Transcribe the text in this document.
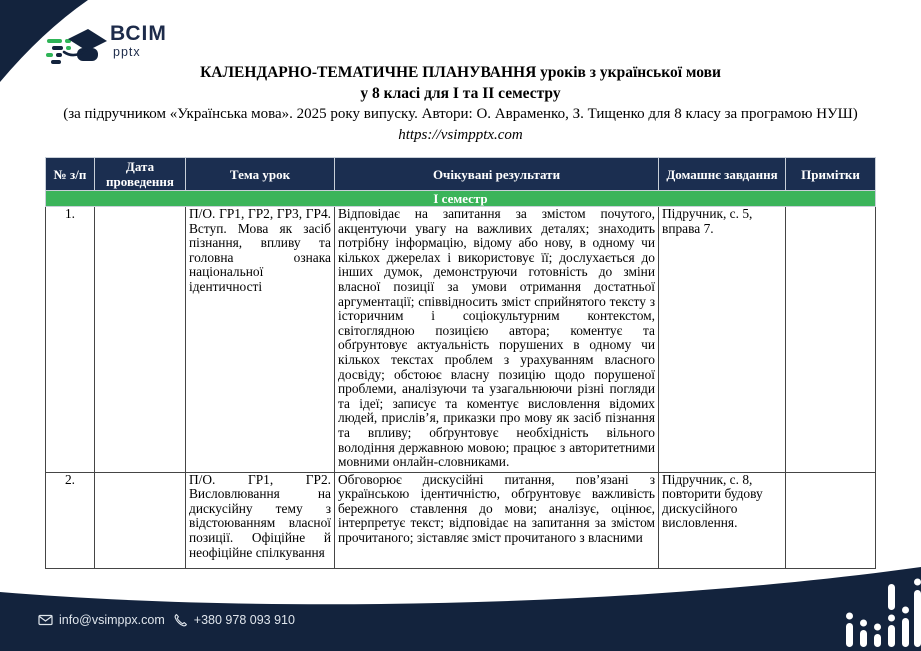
ВСІМ
pptx
КАЛЕНДАРНО-ТЕМАТИЧНЕ ПЛАНУВАННЯ уроків з української мови
у 8 класі для І та ІІ семестру
(за підручником «Українська мова». 2025 року випуску. Автори: О. Авраменко, З. Тищенко для 8 класу за програмою НУШ)
https://vsimpptx.com
№ з/п	Дата проведення	Тема урок	Очікувані результати	Домашнє завдання	Примітки
І семестр					
1.		П/О. ГР1, ГР2, ГР3, ГР4. Вступ. Мова як засіб пізнання, впливу та головна ознака національної ідентичності	Відповідає на запитання за змістом почутого, акцентуючи увагу на важливих деталях; знаходить потрібну інформацію, відому або нову, в одному чи кількох джерелах і використовує її; дослухається до інших думок, демонструючи готовність до зміни власної позиції за умови отримання достатньої аргументації; співвідносить зміст сприйнятого тексту з історичним і соціокультурним контекстом, світоглядною позицією автора; коментує та обґрунтовує актуальність порушених в одному чи кількох текстах проблем з урахуванням власного досвіду; обстоює власну позицію щодо порушеної проблеми, аналізуючи та узагальнюючи різні погляди та ідеї; записує та коментує висловлення відомих людей, прислів’я, приказки про мову як засіб пізнання та впливу; обґрунтовує необхідність вільного володіння державною мовою; працює з авторитетними мовними онлайн-словниками.	Підручник, с. 5, вправа 7.	
2.		П/О. ГР1, ГР2. Висловлювання на дискусійну тему з відстоюванням власної позиції. Офіційне й неофіційне спілкування	Обговорює дискусійні питання, пов’язані з українською ідентичністю, обґрунтовує важливість бережного ставлення до мови; аналізує, оцінює, інтерпретує текст; відповідає на запитання за змістом прочитаного; зіставляє зміст прочитаного з власними	Підручник, с. 8, повторити будову дискусійного висловлення.	
info@vsimppx.com +380 978 093 910
